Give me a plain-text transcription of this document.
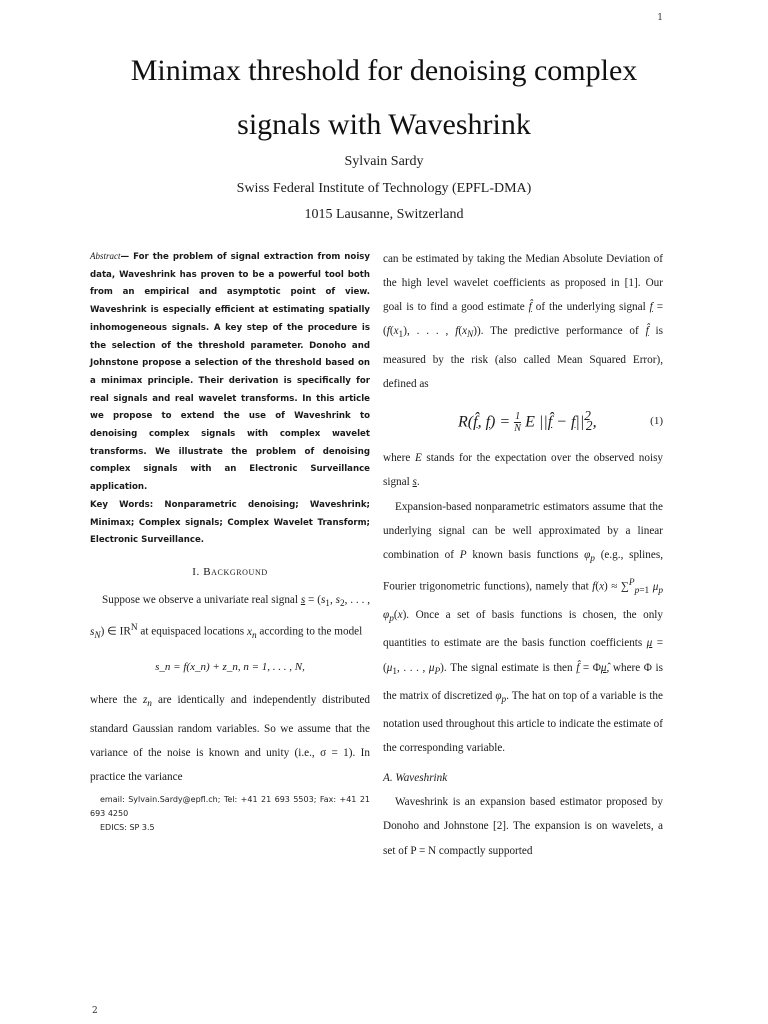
1
Minimax threshold for denoising complex
signals with Waveshrink
Sylvain Sardy
Swiss Federal Institute of Technology (EPFL-DMA)
1015 Lausanne, Switzerland

Abstract— For the problem of signal extraction from noisy data, Waveshrink has proven to be a powerful tool both from an empirical and asymptotic point of view. Waveshrink is especially efficient at estimating spatially inhomogeneous signals. A key step of the procedure is the selection of the threshold parameter. Donoho and Johnstone propose a selection of the threshold based on a minimax principle. Their derivation is specifically for real signals and real wavelet transforms. In this article we propose to extend the use of Waveshrink to denoising complex signals with complex wavelet transforms. We illustrate the problem of denoising complex signals with an Electronic Surveillance application.

Key Words: Nonparametric denoising; Waveshrink; Minimax; Complex signals; Complex Wavelet Transform; Electronic Surveillance.

I. Background

Suppose we observe a univariate real signal $s = (s_1$, $s_2$, . . . , $s_N$) ∈ $IR^N$ at equispaced locations $x_n$ according to the model

s_n = f(x_n) + z_n, n = 1, . . . , N,

where the $z_n$ are identically and independently distributed standard Gaussian random variables. So we assume that the variance of the noise is known and unity (i.e., σ = 1). In practice the variance

email: Sylvain.Sardy@epfl.ch; Tel: +41 21 693 5503; Fax: +41 21 693 4250
EDICS: SP 3.5

can be estimated by taking the Median Absolute Deviation of the high level wavelet coefficients as proposed in [1]. Our goal is to find a good estimate f̂ of the underlying signal $f = (f(x_1)$, . . . , $f(x_N)$). The predictive performance of f̂ is measured by the risk (also called Mean Squared Error), defined as

R(f̂, $f) = \frac{1}{N}$ E ||f̂ − $f||^2_2$,	(1)

where E stands for the expectation over the observed noisy signal s.

Expansion-based nonparametric estimators assume that the underlying signal can be well approximated by a linear combination of P known basis functions $\varphi_p$ (e.g., splines, Fourier trigonometric functions), namely that f(x) ≈ ∑$^P_{p=1}$ $\mu_p$ $\varphi_p(x)$. Once a set of basis functions is chosen, the only quantities to estimate are the basis function coefficients $\mu = (\mu_1$, . . . , $\mu_P$). The signal estimate is then f̂ = Φμ̂, where Φ is the matrix of discretized $\varphi_p$. The hat on top of a variable is the notation used throughout this article to indicate the estimate of the corresponding variable.

A. Waveshrink

Waveshrink is an expansion based estimator proposed by Donoho and Johnstone [2]. The expansion is on wavelets, a set of P = N compactly supported

2
